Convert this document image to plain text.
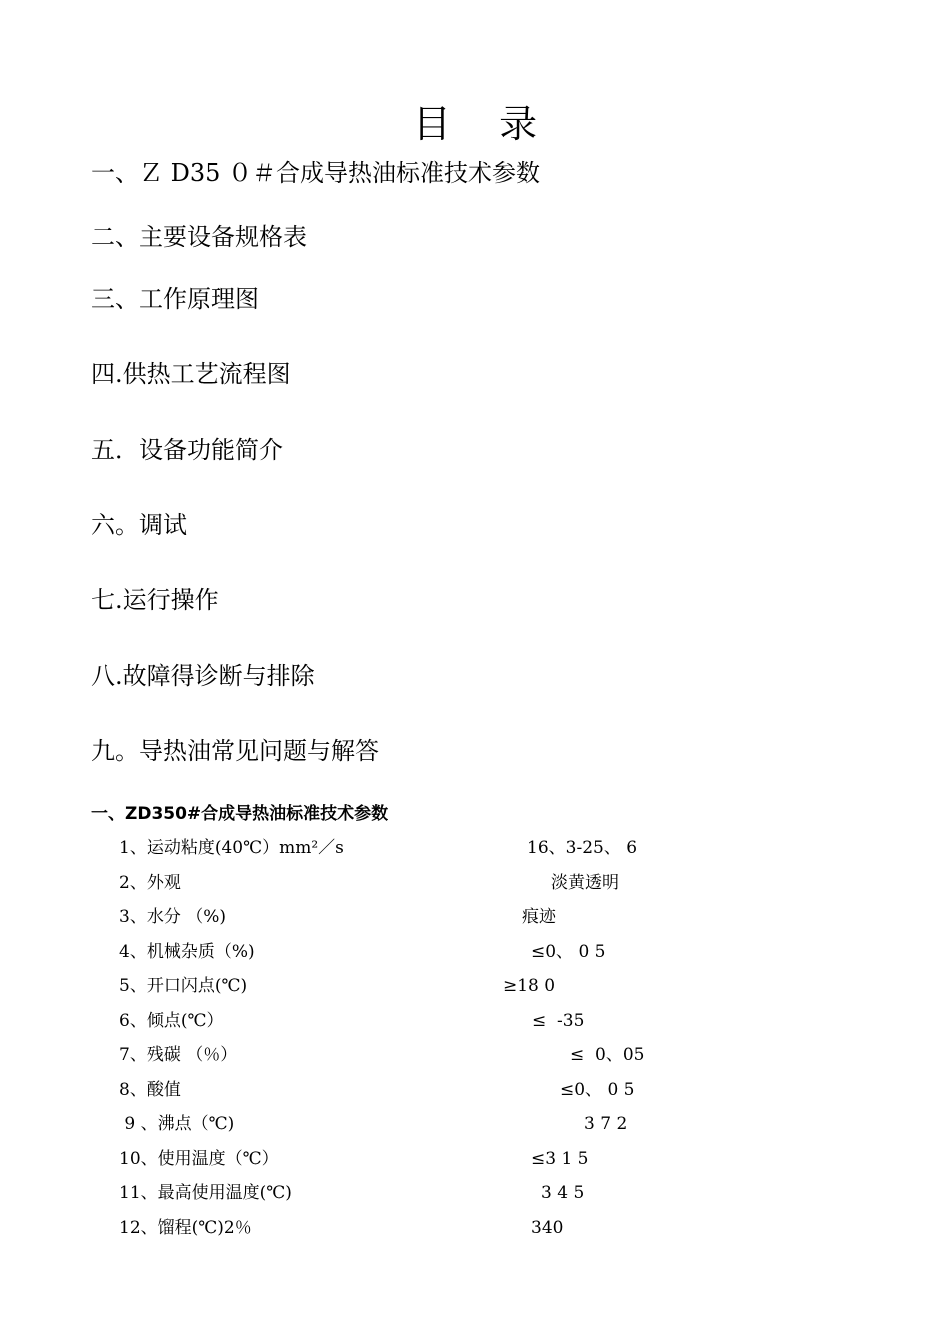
目    录
一、Ｚ D35 ０＃合成导热油标准技术参数
二、主要设备规格表
三、工作原理图
四.供热工艺流程图
五．设备功能简介
六。调试
七.运行操作
八.故障得诊断与排除
九。导热油常见问题与解答
一、ZD350#合成导热油标准技术参数
1、运动粘度(40℃）mm²／s	16、3-25、 6
2、外观	淡黄透明
3、水分 （%)	痕迹
4、机械杂质（%)	≤0、 0 5
5、开口闪点(℃)	≥18 0
6、倾点(℃）	≤  -35
7、残碳 （％）	≤  0、05
8、酸值	≤0、 0 5
9 、沸点（℃)	3 7 2
10、使用温度（℃）	≤3 1 5
11、最高使用温度(℃)	3 4 5
12、馏程(℃)2％	340
